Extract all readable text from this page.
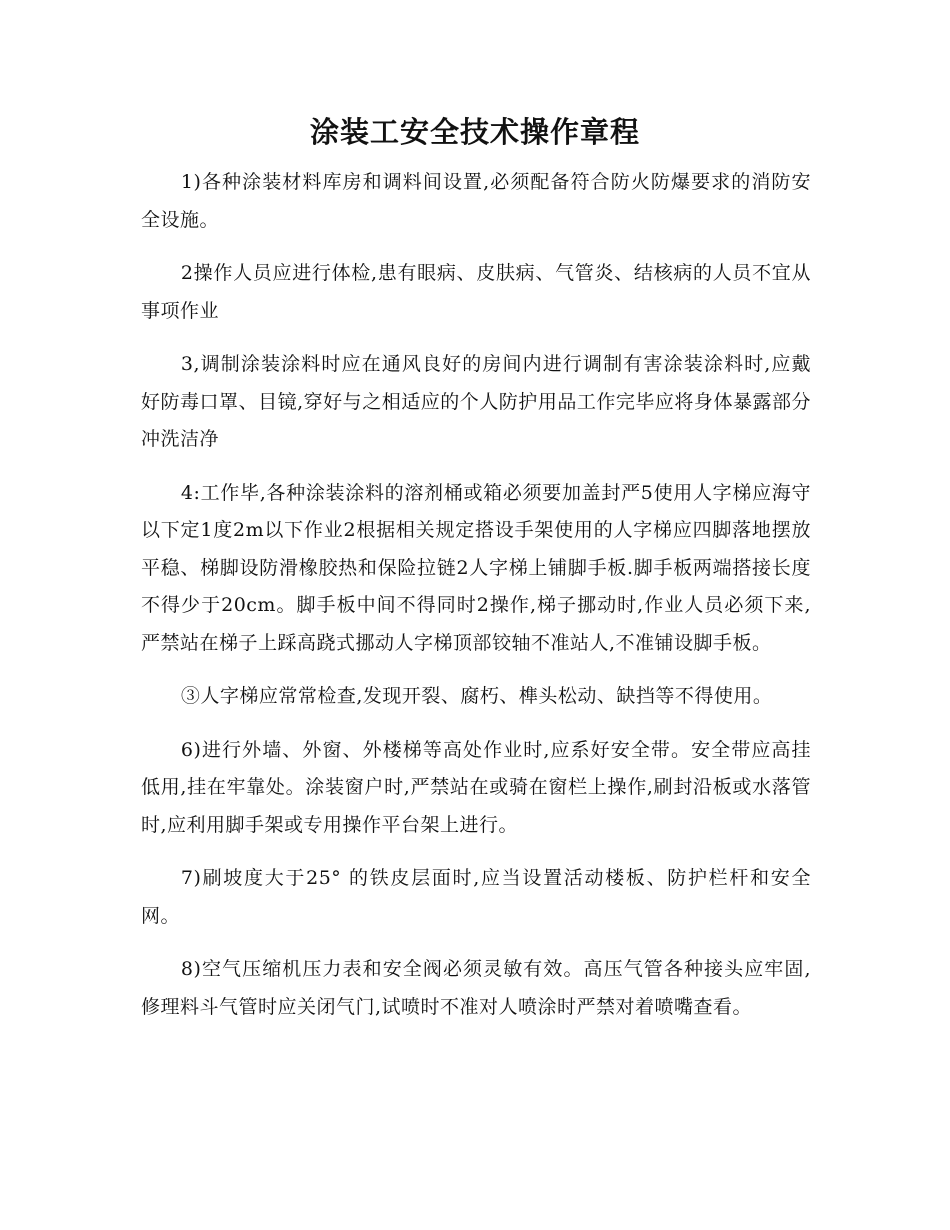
涂装工安全技术操作章程

1)各种涂装材料库房和调料间设置,必须配备符合防火防爆要求的消防安全设施。

2操作人员应进行体检,患有眼病、皮肤病、气管炎、结核病的人员不宜从事项作业

3,调制涂装涂料时应在通风良好的房间内进行调制有害涂装涂料时,应戴好防毒口罩、目镜,穿好与之相适应的个人防护用品工作完毕应将身体暴露部分冲洗洁净

4:工作毕,各种涂装涂料的溶剂桶或箱必须要加盖封严5使用人字梯应海守以下定1度2m以下作业2根据相关规定搭设手架使用的人字梯应四脚落地摆放平稳、梯脚设防滑橡胶热和保险拉链2人字梯上铺脚手板.脚手板两端搭接长度不得少于20cm。脚手板中间不得同时2操作,梯子挪动时,作业人员必须下来,严禁站在梯子上踩高跷式挪动人字梯顶部铰轴不准站人,不准铺设脚手板。

③人字梯应常常检查,发现开裂、腐朽、榫头松动、缺挡等不得使用。

6)进行外墙、外窗、外楼梯等高处作业时,应系好安全带。安全带应高挂低用,挂在牢靠处。涂装窗户时,严禁站在或骑在窗栏上操作,刷封沿板或水落管时,应利用脚手架或专用操作平台架上进行。

7)刷坡度大于25° 的铁皮层面时,应当设置活动楼板、防护栏杆和安全网。

8)空气压缩机压力表和安全阀必须灵敏有效。高压气管各种接头应牢固,修理料斗气管时应关闭气门,试喷时不准对人喷涂时严禁对着喷嘴查看。
